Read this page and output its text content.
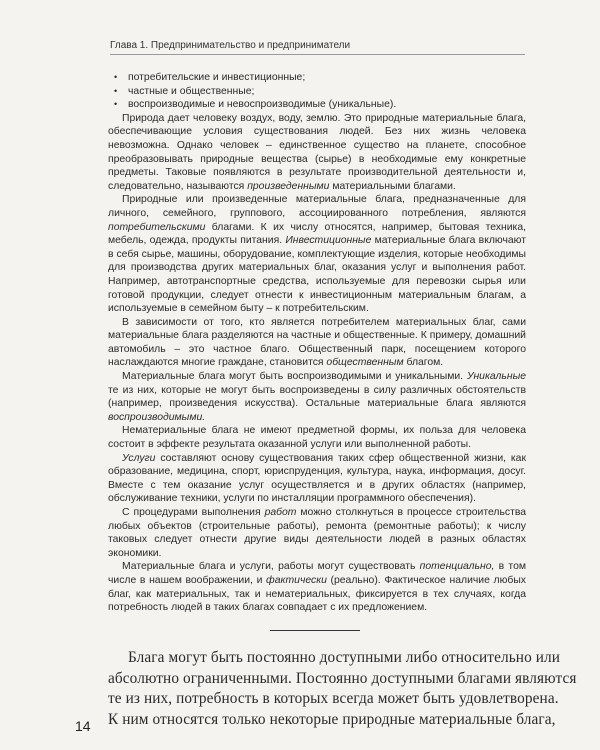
Глава 1. Предпринимательство и предприниматели
• потребительские и инвестиционные;
• частные и общественные;
• воспроизводимые и невоспроизводимые (уникальные).

Природа дает человеку воздух, воду, землю. Это природные материальные блага, обеспечивающие условия существования людей. Без них жизнь человека невозможна. Однако человек – единственное существо на планете, способное преобразовывать природные вещества (сырье) в необходимые ему конкретные предметы. Таковые появляются в результате производительной деятельности и, следовательно, называются произведенными материальными благами.

Природные или произведенные материальные блага, предназначенные для личного, семейного, группового, ассоциированного потребления, являются потребительскими благами. К их числу относятся, например, бытовая техника, мебель, одежда, продукты питания. Инвестиционные материальные блага включают в себя сырье, машины, оборудование, комплектующие изделия, которые необходимы для производства других материальных благ, оказания услуг и выполнения работ. Например, автотранспортные средства, используемые для перевозки сырья или готовой продукции, следует отнести к инвестиционным материальным благам, а используемые в семейном быту – к потребительским.

В зависимости от того, кто является потребителем материальных благ, сами материальные блага разделяются на частные и общественные. К примеру, домашний автомобиль – это частное благо. Общественный парк, посещением которого наслаждаются многие граждане, становится общественным благом.

Материальные блага могут быть воспроизводимыми и уникальными. Уникальные те из них, которые не могут быть воспроизведены в силу различных обстоятельств (например, произведения искусства). Остальные материальные блага являются воспроизводимыми.

Нематериальные блага не имеют предметной формы, их польза для человека состоит в эффекте результата оказанной услуги или выполненной работы.

Услуги составляют основу существования таких сфер общественной жизни, как образование, медицина, спорт, юриспруденция, культура, наука, информация, досуг. Вместе с тем оказание услуг осуществляется и в других областях (например, обслуживание техники, услуги по инсталляции программного обеспечения).

С процедурами выполнения работ можно столкнуться в процессе строительства любых объектов (строительные работы), ремонта (ремонтные работы); к числу таковых следует отнести другие виды деятельности людей в разных областях экономики.

Материальные блага и услуги, работы могут существовать потенциально, в том числе в нашем воображении, и фактически (реально). Фактическое наличие любых благ, как материальных, так и нематериальных, фиксируется в тех случаях, когда потребность людей в таких благах совпадает с их предложением.

Блага могут быть постоянно доступными либо относительно или
абсолютно ограниченными. Постоянно доступными благами являются
те из них, потребность в которых всегда может быть удовлетворена.
К ним относятся только некоторые природные материальные блага,
14
